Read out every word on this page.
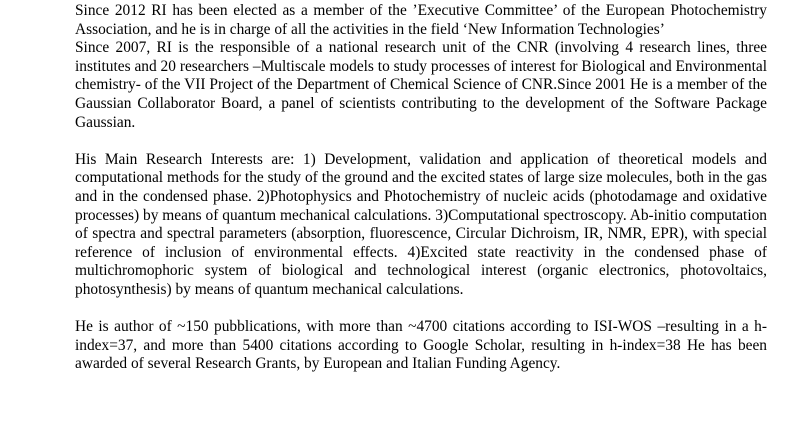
Since 2012 RI has been elected as a member of the ’Executive Committee’ of the European Photochemistry Association, and he is in charge of all the activities in the field ‘New Information Technologies’
Since 2007, RI is the responsible of a national research unit of the CNR (involving 4 research lines, three institutes and 20 researchers –Multiscale models to study processes of interest for Biological and Environmental chemistry- of the VII Project of the Department of Chemical Science of CNR.Since 2001 He is a member of the Gaussian Collaborator Board, a panel of scientists contributing to the development of the Software Package Gaussian.

His Main Research Interests are: 1) Development, validation and application of theoretical models and computational methods for the study of the ground and the excited states of large size molecules, both in the gas and in the condensed phase. 2)Photophysics and Photochemistry of nucleic acids (photodamage and oxidative processes) by means of quantum mechanical calculations. 3)Computational spectroscopy. Ab-initio computation of spectra and spectral parameters (absorption, fluorescence, Circular Dichroism, IR, NMR, EPR), with special reference of inclusion of environmental effects. 4)Excited state reactivity in the condensed phase of multichromophoric system of biological and technological interest (organic electronics, photovoltaics, photosynthesis) by means of quantum mechanical calculations.

He is author of ~150 pubblications, with more than ~4700 citations according to ISI-WOS –resulting in a h-index=37, and more than 5400 citations according to Google Scholar, resulting in h-index=38 He has been awarded of several Research Grants, by European and Italian Funding Agency.
